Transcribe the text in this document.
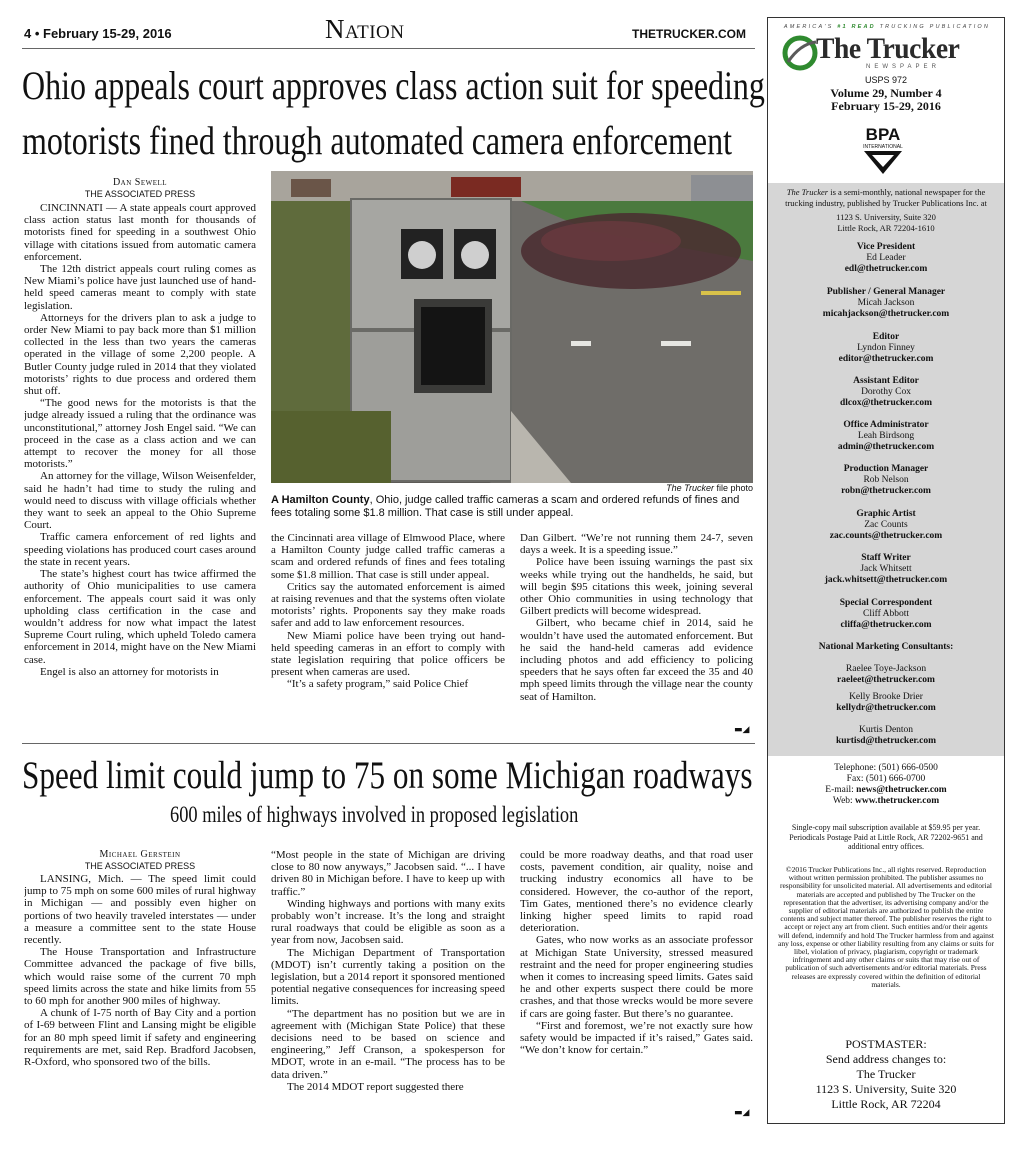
4 • February 15-29, 2016	Nation	THETRUCKER.COM
Ohio appeals court approves class action suit for speeding
motorists fined through automated camera enforcement
Dan Sewell
THE ASSOCIATED PRESS

CINCINNATI — A state appeals court approved class action status last month for thousands of motorists fined for speeding in a southwest Ohio village with citations issued from automatic camera enforcement.

The 12th district appeals court ruling comes as New Miami’s police have just launched use of hand-held speed cameras meant to comply with state legislation.

Attorneys for the drivers plan to ask a judge to order New Miami to pay back more than $1 million collected in the less than two years the cameras operated in the village of some 2,200 people. A Butler County judge ruled in 2014 that they violated motorists’ rights to due process and ordered them shut off.

“The good news for the motorists is that the judge already issued a ruling that the ordinance was unconstitutional,” attorney Josh Engel said. “We can proceed in the case as a class action and we can attempt to recover the money for all those motorists.”

An attorney for the village, Wilson Weisenfelder, said he hadn’t had time to study the ruling and would need to discuss with village officials whether they want to seek an appeal to the Ohio Supreme Court.

Traffic camera enforcement of red lights and speeding violations has produced court cases around the state in recent years.

The state’s highest court has twice affirmed the authority of Ohio municipalities to use camera enforcement. The appeals court said it was only upholding class certification in the case and wouldn’t address for now what impact the latest Supreme Court ruling, which upheld Toledo camera enforcement in 2014, might have on the New Miami case.

Engel is also an attorney for motorists in

The Trucker file photo
A Hamilton County, Ohio, judge called traffic cameras a scam and ordered refunds of fines and fees totaling some $1.8 million. That case is still under appeal.

the Cincinnati area village of Elmwood Place, where a Hamilton County judge called traffic cameras a scam and ordered refunds of fines and fees totaling some $1.8 million. That case is still under appeal.

Critics say the automated enforcement is aimed at raising revenues and that the systems often violate motorists’ rights. Proponents say they make roads safer and add to law enforcement resources.

New Miami police have been trying out hand-held speeding cameras in an effort to comply with state legislation requiring that police officers be present when cameras are used.

“It’s a safety program,” said Police Chief

Dan Gilbert. “We’re not running them 24-7, seven days a week. It is a speeding issue.”

Police have been issuing warnings the past six weeks while trying out the handhelds, he said, but will begin $95 citations this week, joining several other Ohio communities in using technology that Gilbert predicts will become widespread.

Gilbert, who became chief in 2014, said he wouldn’t have used the automated enforcement. But he said the hand-held cameras add evidence including photos and add efficiency to policing speeders that he says often far exceed the 35 and 40 mph speed limits through the village near the county seat of Hamilton.

▬◢
Speed limit could jump to 75 on some Michigan roadways
600 miles of highways involved in proposed legislation
Michael Gerstein
THE ASSOCIATED PRESS

LANSING, Mich. — The speed limit could jump to 75 mph on some 600 miles of rural highway in Michigan — and possibly even higher on portions of two heavily traveled interstates — under a measure a committee sent to the state House recently.

The House Transportation and Infrastructure Committee advanced the package of five bills, which would raise some of the current 70 mph speed limits across the state and hike limits from 55 to 60 mph for another 900 miles of highway.

A chunk of I-75 north of Bay City and a portion of I-69 between Flint and Lansing might be eligible for an 80 mph speed limit if safety and engineering requirements are met, said Rep. Bradford Jacobsen, R-Oxford, who sponsored two of the bills.

“Most people in the state of Michigan are driving close to 80 now anyways,” Jacobsen said. “... I have driven 80 in Michigan before. I have to keep up with traffic.”

Winding highways and portions with many exits probably won’t increase. It’s the long and straight rural roadways that could be eligible as soon as a year from now, Jacobsen said.

The Michigan Department of Transportation (MDOT) isn’t currently taking a position on the legislation, but a 2014 report it sponsored mentioned potential negative consequences for increasing speed limits.

“The department has no position but we are in agreement with (Michigan State Police) that these decisions need to be based on science and engineering,” Jeff Cranson, a spokesperson for MDOT, wrote in an e-mail. “The process has to be data driven.”

The 2014 MDOT report suggested there

could be more roadway deaths, and that road user costs, pavement condition, air quality, noise and trucking industry economics all have to be considered. However, the co-author of the report, Tim Gates, mentioned there’s no evidence clearly linking higher speed limits to rapid road deterioration.

Gates, who now works as an associate professor at Michigan State University, stressed measured restraint and the need for proper engineering studies when it comes to increasing speed limits. Gates said he and other experts suspect there could be more crashes, and that those wrecks would be more severe if cars are going faster. But there’s no guarantee.

“First and foremost, we’re not exactly sure how safety would be impacted if it’s raised,” Gates said. “We don’t know for certain.”

▬◢
AMERICA'S #1 READ TRUCKING PUBLICATION
The Trucker
NEWSPAPER
USPS 972
Volume 29, Number 4
February 15-29, 2016
BPA
INTERNATIONAL
The Trucker is a semi-monthly, national newspaper for the trucking industry, published by Trucker Publications Inc. at
1123 S. University, Suite 320
Little Rock, AR 72204-1610
Vice President
Ed Leader
edl@thetrucker.com
Publisher / General Manager
Micah Jackson
micahjackson@thetrucker.com
Editor
Lyndon Finney
editor@thetrucker.com
Assistant Editor
Dorothy Cox
dlcox@thetrucker.com
Office Administrator
Leah Birdsong
admin@thetrucker.com
Production Manager
Rob Nelson
robn@thetrucker.com
Graphic Artist
Zac Counts
zac.counts@thetrucker.com
Staff Writer
Jack Whitsett
jack.whitsett@thetrucker.com
Special Correspondent
Cliff Abbott
cliffa@thetrucker.com
National Marketing Consultants:
Raelee Toye-Jackson
raeleet@thetrucker.com
Kelly Brooke Drier
kellydr@thetrucker.com
Kurtis Denton
kurtisd@thetrucker.com
Telephone: (501) 666-0500
Fax: (501) 666-0700
E-mail: news@thetrucker.com
Web: www.thetrucker.com
Single-copy mail subscription available at $59.95 per year. Periodicals Postage Paid at Little Rock, AR 72202-9651 and additional entry offices.
©2016 Trucker Publications Inc., all rights reserved. Reproduction without written permission prohibited. The publisher assumes no responsibility for unsolicited material. All advertisements and editorial materials are accepted and published by The Trucker on the representation that the advertiser, its advertising company and/or the supplier of editorial materials are authorized to publish the entire contents and subject matter thereof. The publisher reserves the right to accept or reject any art from client. Such entities and/or their agents will defend, indemnify and hold The Trucker harmless from and against any loss, expense or other liability resulting from any claims or suits for libel, violation of privacy, plagiarism, copyright or trademark infringement and any other claims or suits that may rise out of publication of such advertisements and/or editorial materials. Press releases are expressly covered within the definition of editorial materials.
POSTMASTER:
Send address changes to:
The Trucker
1123 S. University, Suite 320
Little Rock, AR 72204
